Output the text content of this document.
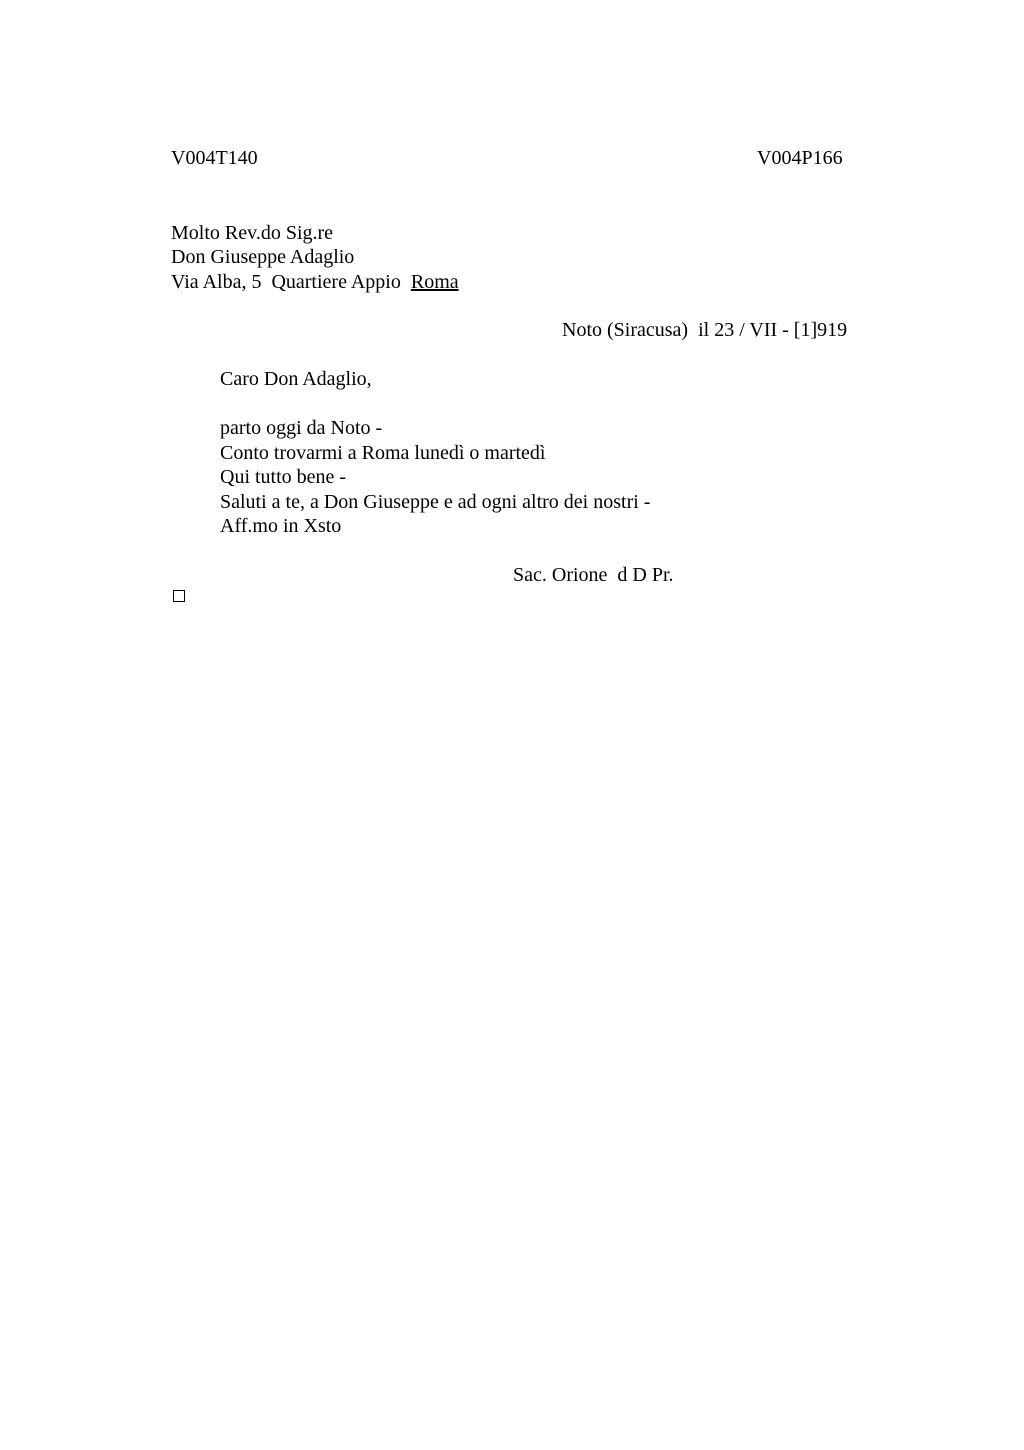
V004T140	V004P166
Molto Rev.do Sig.re
Don Giuseppe Adaglio
Via Alba, 5  Quartiere Appio  Roma
Noto (Siracusa)  il 23 / VII - [1]919
Caro Don Adaglio,
parto oggi da Noto -
Conto trovarmi a Roma lunedì o martedì
Qui tutto bene -
Saluti a te, a Don Giuseppe e ad ogni altro dei nostri -
Aff.mo in Xsto
Sac. Orione  d D Pr.
